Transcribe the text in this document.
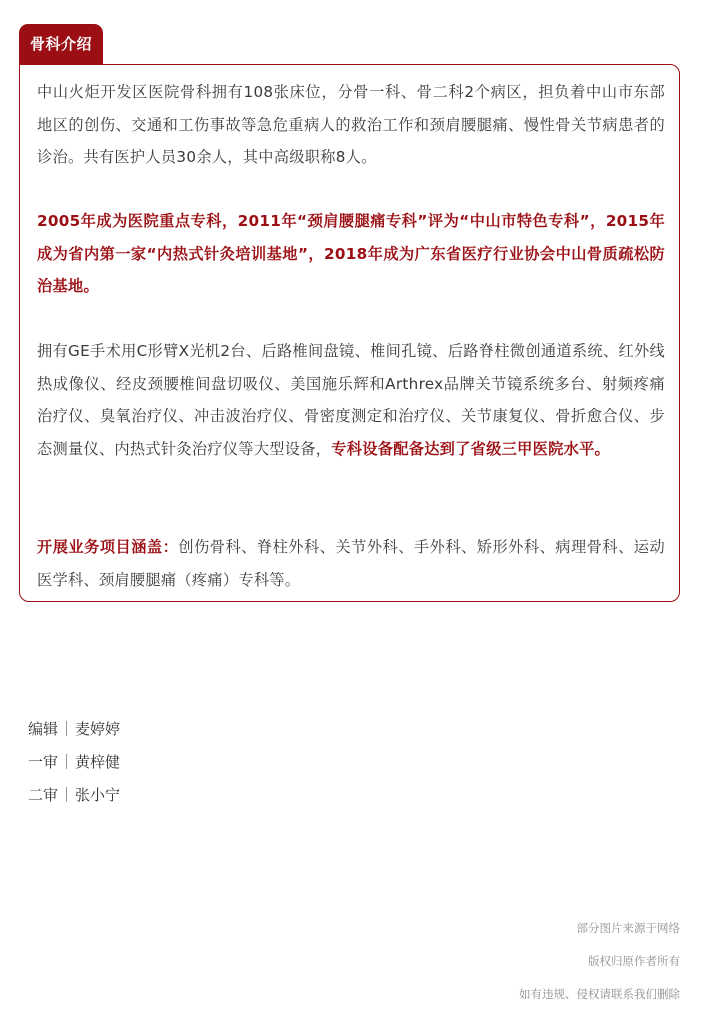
骨科介绍

中山火炬开发区医院骨科拥有108张床位，分骨一科、骨二科2个病区，担负着中山市东部地区的创伤、交通和工伤事故等急危重病人的救治工作和颈肩腰腿痛、慢性骨关节病患者的诊治。共有医护人员30余人，其中高级职称8人。

2005年成为医院重点专科，2011年“颈肩腰腿痛专科”评为“中山市特色专科”，2015年成为省内第一家“内热式针灸培训基地”，2018年成为广东省医疗行业协会中山骨质疏松防治基地。

拥有GE手术用C形臂X光机2台、后路椎间盘镜、椎间孔镜、后路脊柱微创通道系统、红外线热成像仪、经皮颈腰椎间盘切吸仪、美国施乐辉和Arthrex品牌关节镜系统多台、射频疼痛治疗仪、臭氧治疗仪、冲击波治疗仪、骨密度测定和治疗仪、关节康复仪、骨折愈合仪、步态测量仪、内热式针灸治疗仪等大型设备，专科设备配备达到了省级三甲医院水平。

开展业务项目涵盖：创伤骨科、脊柱外科、关节外科、手外科、矫形外科、病理骨科、运动医学科、颈肩腰腿痛（疼痛）专科等。

编辑 麦婷婷
一审 黄梓健
二审 张小宁
部分图片来源于网络
版权归原作者所有
如有违规、侵权请联系我们删除
